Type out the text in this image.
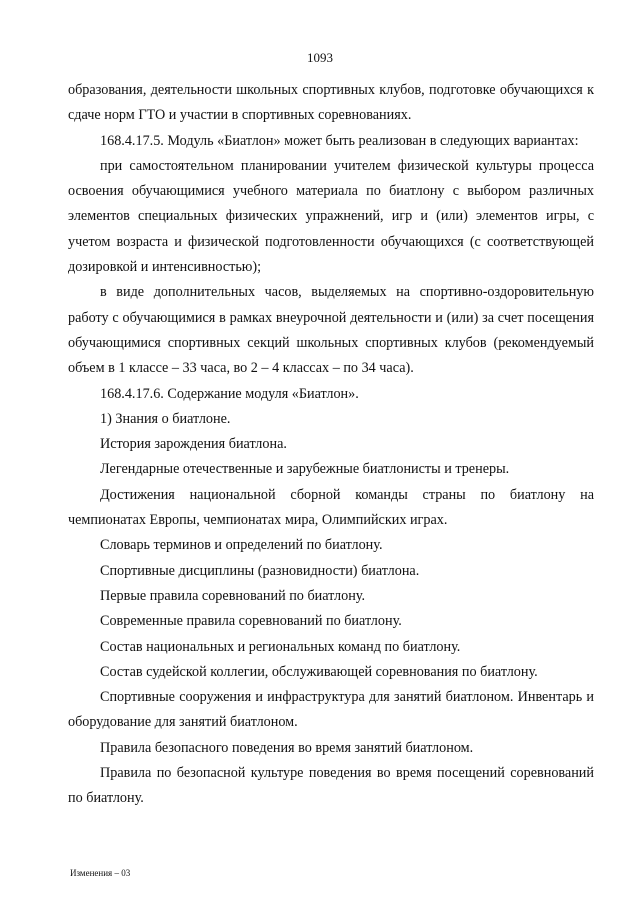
1093

образования, деятельности школьных спортивных клубов, подготовке обучающихся к сдаче норм ГТО и участии в спортивных соревнованиях.

168.4.17.5. Модуль «Биатлон» может быть реализован в следующих вариантах:

при самостоятельном планировании учителем физической культуры процесса освоения обучающимися учебного материала по биатлону с выбором различных элементов специальных физических упражнений, игр и (или) элементов игры, с учетом возраста и физической подготовленности обучающихся (с соответствующей дозировкой и интенсивностью);

в виде дополнительных часов, выделяемых на спортивно-оздоровительную работу с обучающимися в рамках внеурочной деятельности и (или) за счет посещения обучающимися спортивных секций школьных спортивных клубов (рекомендуемый объем в 1 классе – 33 часа, во 2 – 4 классах – по 34 часа).

168.4.17.6. Содержание модуля «Биатлон».

1) Знания о биатлоне.

История зарождения биатлона.

Легендарные отечественные и зарубежные биатлонисты и тренеры.

Достижения национальной сборной команды страны по биатлону на чемпионатах Европы, чемпионатах мира, Олимпийских играх.

Словарь терминов и определений по биатлону.

Спортивные дисциплины (разновидности) биатлона.

Первые правила соревнований по биатлону.

Современные правила соревнований по биатлону.

Состав национальных и региональных команд по биатлону.

Состав судейской коллегии, обслуживающей соревнования по биатлону.

Спортивные сооружения и инфраструктура для занятий биатлоном. Инвентарь и оборудование для занятий биатлоном.

Правила безопасного поведения во время занятий биатлоном.

Правила по безопасной культуре поведения во время посещений соревнований по биатлону.

Изменения – 03
